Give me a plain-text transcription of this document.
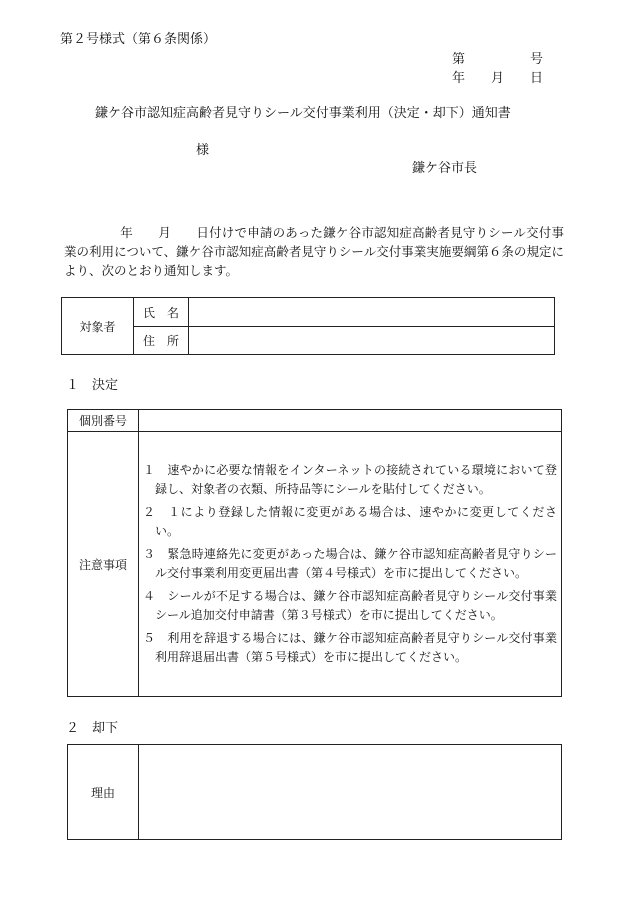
第２号様式（第６条関係）
第　　　　　号
年　　月　　日
鎌ケ谷市認知症高齢者見守りシール交付事業利用（決定・却下）通知書
様
鎌ケ谷市長
年　　月　　日付けで申請のあった鎌ケ谷市認知症高齢者見守りシール交付事業の利用について、鎌ケ谷市認知症高齢者見守りシール交付事業実施要綱第６条の規定により、次のとおり通知します。
対象者	氏　名	
	住　所	
１　決定
個別番号	
注意事項	１　速やかに必要な情報をインターネットの接続されている環境において登録し、対象者の衣類、所持品等にシールを貼付してください。
２　１により登録した情報に変更がある場合は、速やかに変更してください。
３　緊急時連絡先に変更があった場合は、鎌ケ谷市認知症高齢者見守りシール交付事業利用変更届出書（第４号様式）を市に提出してください。
４　シールが不足する場合は、鎌ケ谷市認知症高齢者見守りシール交付事業シール追加交付申請書（第３号様式）を市に提出してください。
５　利用を辞退する場合には、鎌ケ谷市認知症高齢者見守りシール交付事業利用辞退届出書（第５号様式）を市に提出してください。
２　却下
理由	
